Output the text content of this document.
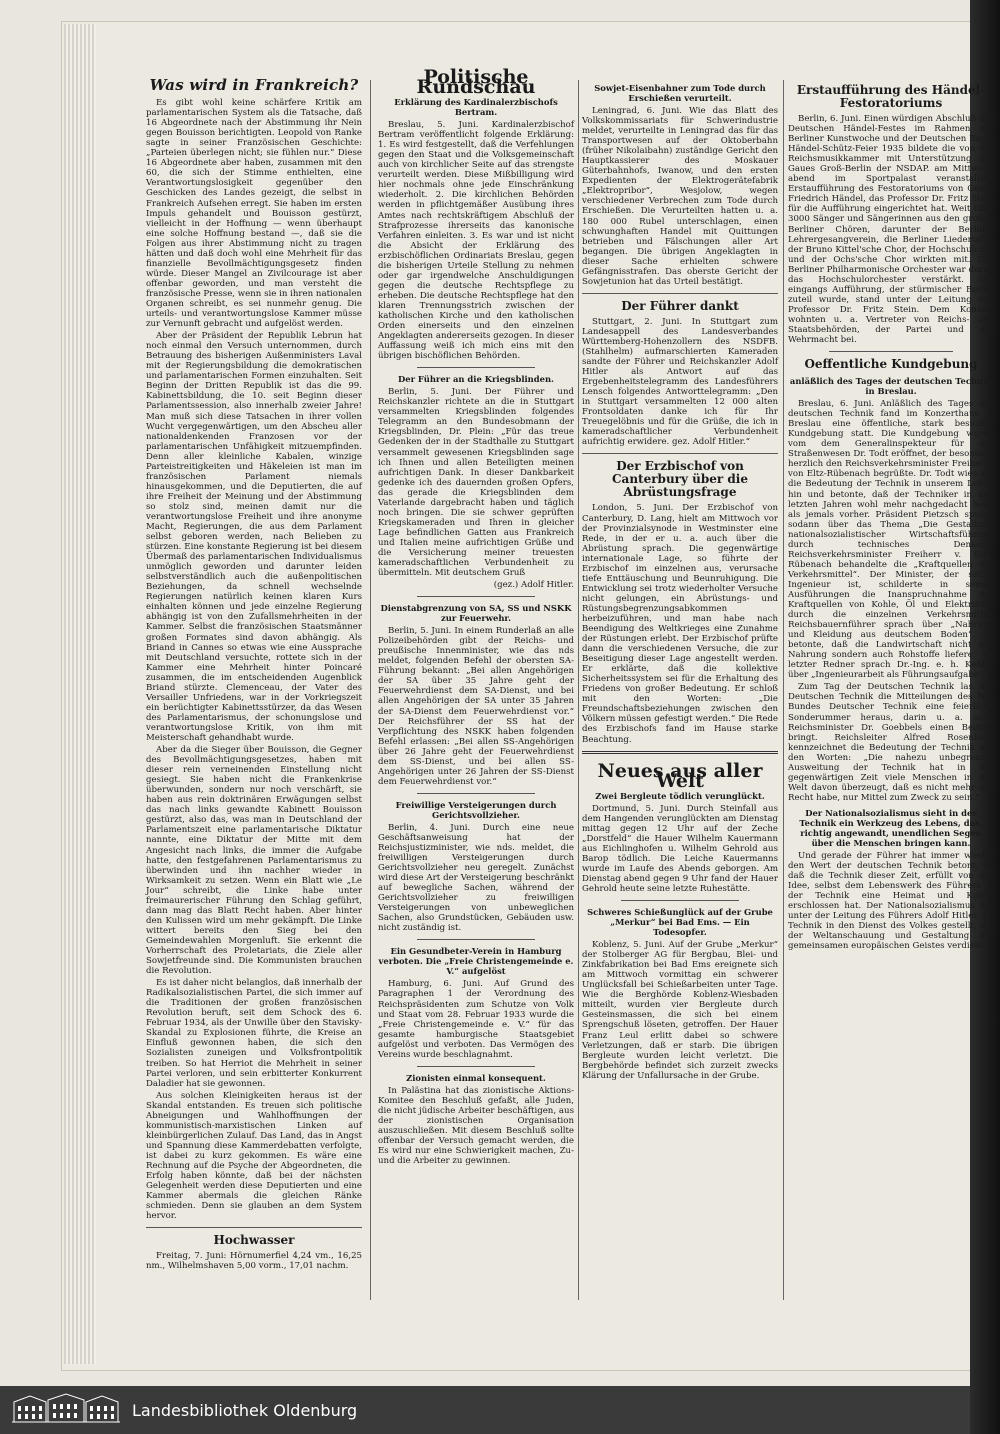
Was wird in Frankreich?

Es gibt wohl keine schärfere Kritik am parlamentarischen System als die Tatsache, daß 16 Abgeordnete nach der Abstimmung ihr Nein gegen Bouisson berichtigten. Leopold von Ranke sagte in seiner Französischen Geschichte: „Parteien überlegen nicht; sie fühlen nur.“ Diese 16 Abgeordnete aber haben, zusammen mit den 60, die sich der Stimme enthielten, eine Verantwortungslosigkeit gegenüber den Geschicken des Landes gezeigt, die selbst in Frankreich Aufsehen erregt. Sie haben im ersten Impuls gehandelt und Bouisson gestürzt, vielleicht in der Hoffnung — wenn überhaupt eine solche Hoffnung bestand —, daß sie die Folgen aus ihrer Abstimmung nicht zu tragen hätten und daß doch wohl eine Mehrheit für das finanzielle Bevollmächtigungsgesetz finden würde. Dieser Mangel an Zivilcourage ist aber offenbar geworden, und man versteht die französische Presse, wenn sie in ihren nationalen Organen schreibt, es sei nunmehr genug. Die urteils- und verantwortungslose Kammer müsse zur Vernunft gebracht und aufgelöst werden.

Aber der Präsident der Republik Lebrun hat noch einmal den Versuch unternommen, durch Betrauung des bisherigen Außenministers Laval mit der Regierungsbildung die demokratischen und parlamentarischen Formen einzuhalten. Seit Beginn der Dritten Republik ist das die 99. Kabinettsbildung, die 10. seit Beginn dieser Parlamentssession, also innerhalb zweier Jahre! Man muß sich diese Tatsachen in ihrer vollen Wucht vergegenwärtigen, um den Abscheu aller nationaldenkenden Franzosen vor der parlamentarischen Unfähigkeit mitzuempfinden. Denn aller kleinliche Kabalen, winzige Parteistreitigkeiten und Häkeleien ist man im französischen Parlament niemals hinausgekommen, und die Deputierten, die auf ihre Freiheit der Meinung und der Abstimmung so stolz sind, meinen damit nur die verantwortungslose Freiheit und ihre anonyme Macht, Regierungen, die aus dem Parlament selbst geboren werden, nach Belieben zu stürzen. Eine konstante Regierung ist bei diesem Übermaß des parlamentarischen Individualismus unmöglich geworden und darunter leiden selbstverständlich auch die außenpolitischen Beziehungen, da schnell wechselnde Regierungen natürlich keinen klaren Kurs einhalten können und jede einzelne Regierung abhängig ist von den Zufallsmehrheiten in der Kammer. Selbst die französischen Staatsmänner großen Formates sind davon abhängig. Als Briand in Cannes so etwas wie eine Aussprache mit Deutschland versuchte, rottete sich in der Kammer eine Mehrheit hinter Poincaré zusammen, die im entscheidenden Augenblick Briand stürzte. Clemenceau, der Vater des Versailler Unfriedens, war in der Vorkriegszeit ein berüchtigter Kabinettsstürzer, da das Wesen des Parlamentarismus, der schonungslose und verantwortungslose Kritik, von ihm mit Meisterschaft gehandhabt wurde.

Aber da die Sieger über Bouisson, die Gegner des Bevollmächtigungsgesetzes, haben mit dieser rein verneinenden Einstellung nicht gesiegt. Sie haben nicht die Frankenkrise überwunden, sondern nur noch verschärft, sie haben aus rein doktrinären Erwägungen selbst das nach links gewandte Kabinett Bouisson gestürzt, also das, was man in Deutschland der Parlamentszeit eine parlamentarische Diktatur nannte, eine Diktatur der Mitte mit dem Angesicht nach links, die immer die Aufgabe hatte, den festgefahrenen Parlamentarismus zu überwinden und ihn nachher wieder in Wirksamkeit zu setzen. Wenn ein Blatt wie „Le Jour“ schreibt, die Linke habe unter freimaurerischer Führung den Schlag geführt, dann mag das Blatt Recht haben. Aber hinter den Kulissen wird um mehr gekämpft. Die Linke wittert bereits den Sieg bei den Gemeindewahlen Morgenluft. Sie erkennt die Vorherrschaft des Proletariats, die Ziele aller Sowjetfreunde sind. Die Kommunisten brauchen die Revolution.

Es ist daher nicht belanglos, daß innerhalb der Radikalsozialistischen Partei, die sich immer auf die Traditionen der großen französischen Revolution beruft, seit dem Schock des 6. Februar 1934, als der Unwille über den Stavisky-Skandal zu Explosionen führte, die Kreise an Einfluß gewonnen haben, die sich den Sozialisten zuneigen und Volksfrontpolitik treiben. So hat Herriot die Mehrheit in seiner Partei verloren, und sein erbitterter Konkurrent Daladier hat sie gewonnen.

Aus solchen Kleinigkeiten heraus ist der Skandal entstanden. Es treuen sich politische Abneigungen und Wahlhoffnungen der kommunistisch-marxistischen Linken auf kleinbürgerlichen Zulauf. Das Land, das in Angst und Spannung diese Kammerdebatten verfolgte, ist dabei zu kurz gekommen. Es wäre eine Rechnung auf die Psyche der Abgeordneten, die Erfolg haben könnte, daß bei der nächsten Gelegenheit werden diese Deputierten und eine Kammer abermals die gleichen Ränke schmieden. Denn sie glauben an dem System hervor.

Hochwasser

Freitag, 7. Juni: Hörnumerfiel 4,24 vm., 16,25 nm., Wilhelmshaven 5,00 vorm., 17,01 nachm.

Politische Rundschau
Erklärung des Kardinalerzbischofs Bertram.

Breslau, 5. Juni. Kardinalerzbischof Bertram veröffentlicht folgende Erklärung: 1. Es wird festgestellt, daß die Verfehlungen gegen den Staat und die Volksgemeinschaft auch von kirchlicher Seite auf das strengste verurteilt werden. Diese Mißbilligung wird hier nochmals ohne jede Einschränkung wiederholt. 2. Die kirchlichen Behörden werden in pflichtgemäßer Ausübung ihres Amtes nach rechtskräftigem Abschluß der Strafprozesse ihrerseits das kanonische Verfahren einleiten. 3. Es war und ist nicht die Absicht der Erklärung des erzbischöflichen Ordinariats Breslau, gegen die bisherigen Urteile Stellung zu nehmen oder gar irgendwelche Anschuldigungen gegen die deutsche Rechtspflege zu erheben. Die deutsche Rechtspflege hat den klaren Trennungsstrich zwischen der katholischen Kirche und den katholischen Orden einerseits und den einzelnen Angeklagten andererseits gezogen. In dieser Auffassung weiß ich mich eins mit den übrigen bischöflichen Behörden.

Der Führer an die Kriegsblinden.

Berlin, 5. Juni. Der Führer und Reichskanzler richtete an die in Stuttgart versammelten Kriegsblinden folgendes Telegramm an den Bundesobmann der Kriegsblinden, Dr. Plein: „Für das treue Gedenken der in der Stadthalle zu Stuttgart versammelt gewesenen Kriegsblinden sage ich Ihnen und allen Beteiligten meinen aufrichtigen Dank. In dieser Dankbarkeit gedenke ich des dauernden großen Opfers, das gerade die Kriegsblinden dem Vaterlande dargebracht haben und täglich noch bringen. Die sie schwer geprüften Kriegskameraden und Ihren in gleicher Lage befindlichen Gatten aus Frankreich und Italien meine aufrichtigen Grüße und die Versicherung meiner treuesten kameradschaftlichen Verbundenheit zu übermitteln. Mit deutschem Gruß

(gez.) Adolf Hitler.

Dienstabgrenzung von SA, SS und NSKK zur Feuerwehr.

Berlin, 5. Juni. In einem Runderlaß an alle Polizeibehörden gibt der Reichs- und preußische Innenminister, wie das nds meldet, folgenden Befehl der obersten SA-Führung bekannt: „Bei allen Angehörigen der SA über 35 Jahre geht der Feuerwehrdienst dem SA-Dienst, und bei allen Angehörigen der SA unter 35 Jahren der SA-Dienst dem Feuerwehrdienst vor.“ Der Reichsführer der SS hat der Verpflichtung des NSKK haben folgenden Befehl erlassen: „Bei allen SS-Angehörigen über 26 Jahre geht der Feuerwehrdienst dem SS-Dienst, und bei allen SS-Angehörigen unter 26 Jahren der SS-Dienst dem Feuerwehrdienst vor.“

Freiwillige Versteigerungen durch Gerichtsvollzieher.

Berlin, 4. Juni. Durch eine neue Geschäftsanweisung hat der Reichsjustizminister, wie nds. meldet, die freiwilligen Versteigerungen durch Gerichtsvollzieher neu geregelt. Zunächst wird diese Art der Versteigerung beschränkt auf bewegliche Sachen, während der Gerichtsvollzieher zu freiwilligen Versteigerungen von unbeweglichen Sachen, also Grundstücken, Gebäuden usw. nicht zuständig ist.

Ein Gesundbeter-Verein in Hamburg verboten. Die „Freie Christengemeinde e. V.“ aufgelöst

Hamburg, 6. Juni. Auf Grund des Paragraphen 1 der Verordnung des Reichspräsidenten zum Schutze von Volk und Staat vom 28. Februar 1933 wurde die „Freie Christengemeinde e. V.“ für das gesamte hamburgische Staatsgebiet aufgelöst und verboten. Das Vermögen des Vereins wurde beschlagnahmt.

Zionisten einmal konsequent.

In Palästina hat das zionistische Aktions-Komitee den Beschluß gefaßt, alle Juden, die nicht jüdische Arbeiter beschäftigen, aus der zionistischen Organisation auszuschließen. Mit diesem Beschluß sollte offenbar der Versuch gemacht werden, die Es wird nur eine Schwierigkeit machen, Zu- und die Arbeiter zu gewinnen.

Sowjet-Eisenbahner zum Tode durch Erschießen verurteilt.

Leningrad, 6. Juni. Wie das Blatt des Volkskommissariats für Schwerindustrie meldet, verurteilte in Leningrad das für das Transportwesen auf der Oktoberbahn (früher Nikolaibahn) zuständige Gericht den Hauptkassierer des Moskauer Güterbahnhofs, Iwanow, und den ersten Expedienten der Elektrogerätefabrik „Elektropribor“, Wesjolow, wegen verschiedener Verbrechen zum Tode durch Erschießen. Die Verurteilten hatten u. a. 180 000 Rubel unterschlagen, einen schwunghaften Handel mit Quittungen betrieben und Fälschungen aller Art begangen. Die übrigen Angeklagten in dieser Sache erhielten schwere Gefängnisstrafen. Das oberste Gericht der Sowjetunion hat das Urteil bestätigt.

Der Führer dankt

Stuttgart, 2. Juni. In Stuttgart zum Landesappell des Landesverbandes Württemberg-Hohenzollern des NSDFB. (Stahlhelm) aufmarschierten Kameraden sandte der Führer und Reichskanzler Adolf Hitler als Antwort auf das Ergebenheitstelegramm des Landesführers Lensch folgendes Antworttelegramm: „Den in Stuttgart versammelten 12 000 alten Frontsoldaten danke ich für Ihr Treuegelöbnis und für die Grüße, die ich in kameradschaftlicher Verbundenheit aufrichtig erwidere. gez. Adolf Hitler.“

Der Erzbischof von Canterbury über die Abrüstungsfrage

London, 5. Juni. Der Erzbischof von Canterbury, D. Lang, hielt am Mittwoch vor der Provinzialsynode in Westminster eine Rede, in der er u. a. auch über die Abrüstung sprach. Die gegenwärtige internationale Lage, so führte der Erzbischof im einzelnen aus, verursache tiefe Enttäuschung und Beunruhigung. Die Entwicklung sei trotz wiederholter Versuche nicht gelungen, ein Abrüstungs- und Rüstungsbegrenzungsabkommen herbeizuführen, und man habe nach Beendigung des Weltkrieges eine Zunahme der Rüstungen erlebt. Der Erzbischof prüfte dann die verschiedenen Versuche, die zur Beseitigung dieser Lage angestellt werden. Er erklärte, daß die kollektive Sicherheitssystem sei für die Erhaltung des Friedens von großer Bedeutung. Er schloß mit den Worten: „Die Freundschaftsbeziehungen zwischen den Völkern müssen gefestigt werden.“ Die Rede des Erzbischofs fand im Hause starke Beachtung.

Neues aus aller Welt
Zwei Bergleute tödlich verunglückt.

Dortmund, 5. Juni. Durch Steinfall aus dem Hangenden verunglückten am Dienstag mittag gegen 12 Uhr auf der Zeche „Dorstfeld“ die Hauer Wilhelm Kauermann aus Eichlinghofen u. Wilhelm Gehrold aus Barop tödlich. Die Leiche Kauermanns wurde im Laufe des Abends geborgen. Am Dienstag abend gegen 9 Uhr fand der Hauer Gehrold heute seine letzte Ruhestätte.

Schweres Schießunglück auf der Grube „Merkur“ bei Bad Ems. — Ein Todesopfer.

Koblenz, 5. Juni. Auf der Grube „Merkur“ der Stolberger AG für Bergbau, Blei- und Zinkfabrikation bei Bad Ems ereignete sich am Mittwoch vormittag ein schwerer Unglücksfall bei Schießarbeiten unter Tage. Wie die Berghörde Koblenz-Wiesbaden mitteilt, wurden vier Bergleute durch Gesteinsmassen, die sich bei einem Sprengschuß löseten, getroffen. Der Hauer Franz Leul erlitt dabei so schwere Verletzungen, daß er starb. Die übrigen Bergleute wurden leicht verletzt. Die Bergbehörde befindet sich zurzeit zwecks Klärung der Unfallursache in der Grube.

Erstaufführung des Händel-Festoratoriums

Berlin, 6. Juni. Einen würdigen Abschluß des Deutschen Händel-Festes im Rahmen der Berliner Kunstwoche und der Deutschen Bach-Händel-Schütz-Feier 1935 bildete die von der Reichsmusikkammer mit Unterstützung des Gaues Groß-Berlin der NSDAP. am Mittwoch abend im Sportpalast veranstaltete Erstaufführung des Festoratoriums von Georg Friedrich Händel, das Professor Dr. Fritz Stein für die Aufführung eingerichtet hat. Weit über 3000 Sänger und Sängerinnen aus den großen Berliner Chören, darunter der Berliner Lehrergesangverein, die Berliner Liedertafel, der Bruno Kittel'sche Chor, der Hochschulchor und der Ochs'sche Chor wirkten mit. Das Berliner Philharmonische Orchester war durch das Hochschulorchester verstärkt. Die eingangs Aufführung, der stürmischer Beifall zuteil wurde, stand unter der Leitung von Professor Dr. Fritz Stein. Dem Konzert wohnten u. a. Vertreter von Reichs- und Staatsbehörden, der Partei und der Wehrmacht bei.

Oeffentliche Kundgebung
anläßlich des Tages der deutschen Technik in Breslau.

Breslau, 6. Juni. Anläßlich des Tages der deutschen Technik fand im Konzerthaus in Breslau eine öffentliche, stark besuchte Kundgebung statt. Die Kundgebung wurde vom dem Generalinspekteur für das Straßenwesen Dr. Todt eröffnet, der besonders herzlich den Reichsverkehrsminister Freiherrn von Eltz-Rübenach begrüßte. Dr. Todt wies auf die Bedeutung der Technik in unserem Leben hin und betonte, daß der Techniker in den letzten Jahren wohl mehr nachgedacht habe als jemals vorher. Präsident Pietzsch sprach sodann über das Thema „Die Gestaltung nationalsozialistischer Wirtschaftsführung durch technisches Denken“. Reichsverkehrsminister Freiherr v. Eltz-Rübenach behandelte die „Kraftquellen der Verkehrsmittel“. Der Minister, der selbst Ingenieur ist, schilderte in seinen Ausführungen die Inanspruchnahme der Kraftquellen von Kohle, Öl und Elektrizität durch die einzelnen Verkehrsmittel. Reichsbauernführer sprach über „Nahrung und Kleidung aus deutschem Boden“. Er betonte, daß die Landwirtschaft nicht nur Nahrung sondern auch Rohstoffe liefere. Als letzter Redner sprach Dr.-Ing. e. h. Keßler über „Ingenieurarbeit als Führungsaufgabe“.

Zum Tag der Deutschen Technik las der Deutschen Technik die Mitteilungen des NS-Bundes Deutscher Technik eine feierliche Sonderummer heraus, darin u. a. auch Reichsminister Dr. Goebbels einen Beitrag bringt. Reichsleiter Alfred Rosenberg kennzeichnet die Bedeutung der Technik mit den Worten: „Die nahezu unbegrenzte Ausweitung der Technik hat in der gegenwärtigen Zeit viele Menschen in der Welt davon überzeugt, daß es nicht mehr das Recht habe, nur Mittel zum Zweck zu sein.“

Der Nationalsozialismus sieht in der Technik ein Werkzeug des Lebens, das, richtig angewandt, unendlichen Segen über die Menschen bringen kann.

Und gerade der Führer hat immer wieder den Wert der deutschen Technik betont, so daß die Technik dieser Zeit, erfüllt von der Idee, selbst dem Lebenswerk des Führers in der Technik eine Heimat und Kultur erschlossen hat. Der Nationalsozialismus hat unter der Leitung des Führers Adolf Hitler die Technik in den Dienst des Volkes gestellt, die der Weltanschauung und Gestaltung der gemeinsamen europäischen Geistes verdient.

Landesbibliothek Oldenburg
